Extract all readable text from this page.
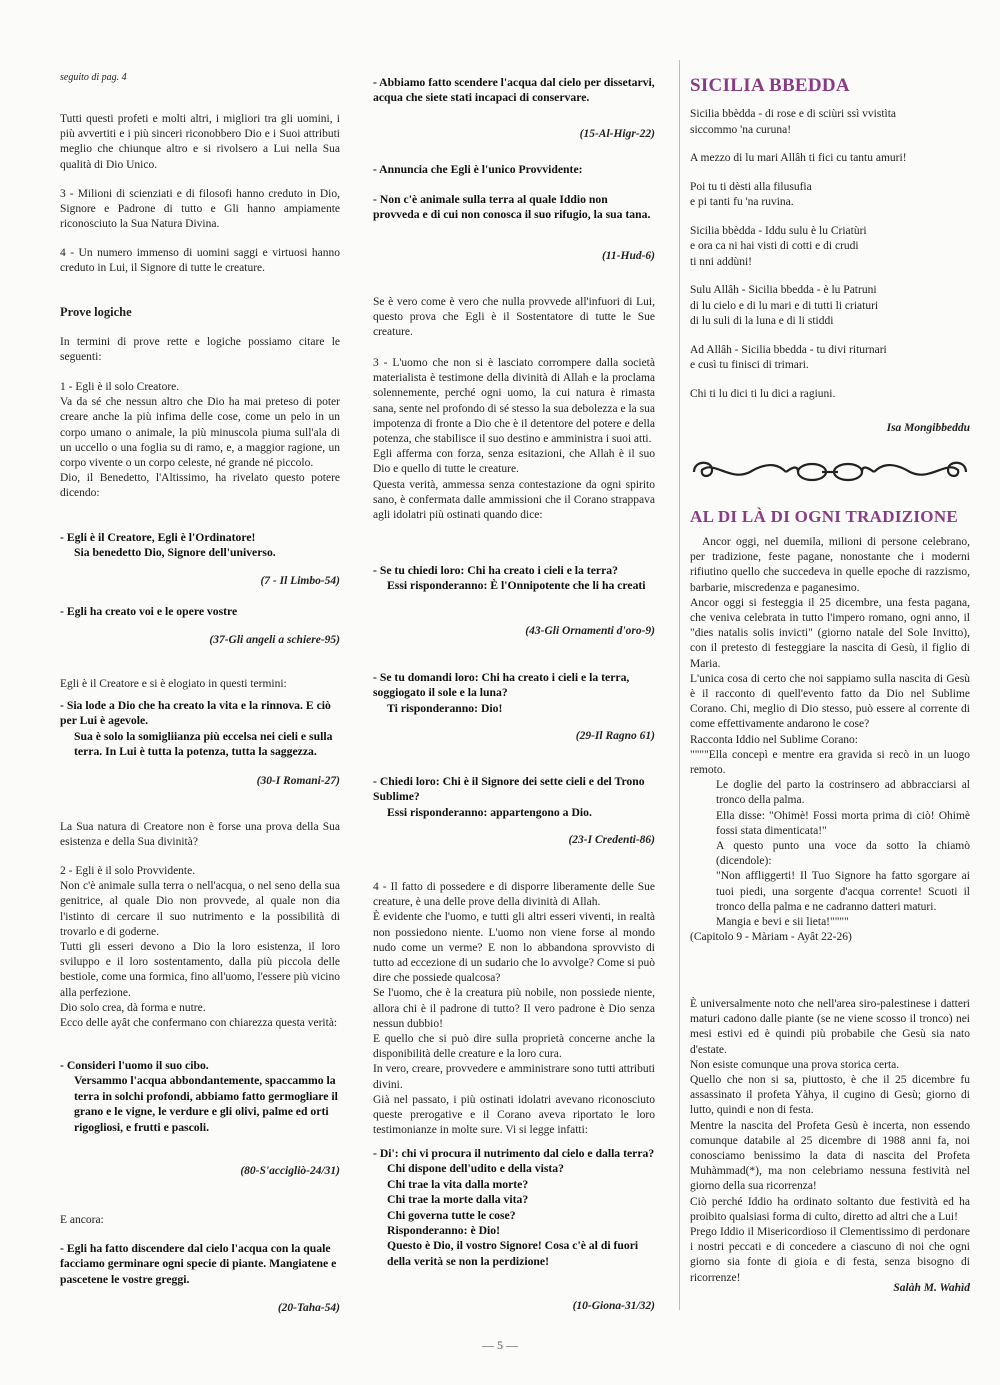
seguito di pag. 4

Tutti questi profeti e molti altri, i migliori tra gli uomini, i più avvertiti e i più sinceri riconobbero Dio e i Suoi attributi meglio che chiunque altro e si rivolsero a Lui nella Sua qualità di Dio Unico.

3 - Milioni di scienziati e di filosofi hanno creduto in Dio, Signore e Padrone di tutto e Gli hanno ampiamente riconosciuto la Sua Natura Divina.

4 - Un numero immenso di uomini saggi e virtuosi hanno creduto in Lui, il Signore di tutte le creature.

Prove logiche

In termini di prove rette e logiche possiamo citare le seguenti:

1 - Egli è il solo Creatore.
Va da sé che nessun altro che Dio ha mai preteso di poter creare anche la più infima delle cose, come un pelo in un corpo umano o animale, la più minuscola piuma sull'ala di un uccello o una foglia su di ramo, e, a maggior ragione, un corpo vivente o un corpo celeste, né grande né piccolo.
Dio, il Benedetto, l'Altissimo, ha rivelato questo potere dicendo:

- Egli è il Creatore, Egli è l'Ordinatore!
Sia benedetto Dio, Signore dell'universo.
(7 - Il Limbo-54)
- Egli ha creato voi e le opere vostre
(37-Gli angeli a schiere-95)

Egli è il Creatore e si è elogiato in questi termini:

- Sia lode a Dio che ha creato la vita e la rinnova. E ciò per Lui è agevole.
Sua è solo la somigliianza più eccelsa nei cieli e sulla terra. In Lui è tutta la potenza, tutta la saggezza.
(30-I Romani-27)

La Sua natura di Creatore non è forse una prova della Sua esistenza e della Sua divinità?

2 - Egli è il solo Provvidente.
Non c'è animale sulla terra o nell'acqua, o nel seno della sua genitrice, al quale Dio non provvede, al quale non dia l'istinto di cercare il suo nutrimento e la possibilità di trovarlo e di goderne.
Tutti gli esseri devono a Dio la loro esistenza, il loro sviluppo e il loro sostentamento, dalla più piccola delle bestiole, come una formica, fino all'uomo, l'essere più vicino alla perfezione.
Dio solo crea, dà forma e nutre.
Ecco delle ayât che confermano con chiarezza questa verità:

- Consideri l'uomo il suo cibo.
Versammo l'acqua abbondantemente, spaccammo la terra in solchi profondi, abbiamo fatto germogliare il grano e le vigne, le verdure e gli olivi, palme ed orti rigogliosi, e frutti e pascoli.
(80-S'accigliò-24/31)

E ancora:

- Egli ha fatto discendere dal cielo l'acqua con la quale facciamo germinare ogni specie di piante. Mangiatene e pascetene le vostre greggi.
(20-Taha-54)
- Abbiamo fatto scendere l'acqua dal cielo per dissetarvi, acqua che siete stati incapaci di conservare.
(15-Al-Higr-22)
- Annuncia che Egli è l'unico Provvidente:
- Non c'è animale sulla terra al quale Iddio non provveda e di cui non conosca il suo rifugio, la sua tana.
(11-Hud-6)

Se è vero come è vero che nulla provvede all'infuori di Lui, questo prova che Egli è il Sostentatore di tutte le Sue creature.

3 - L'uomo che non si è lasciato corrompere dalla società materialista è testimone della divinità di Allah e la proclama solennemente, perché ogni uomo, la cui natura è rimasta sana, sente nel profondo di sé stesso la sua debolezza e la sua impotenza di fronte a Dio che è il detentore del potere e della potenza, che stabilisce il suo destino e amministra i suoi atti.
Egli afferma con forza, senza esitazioni, che Allah è il suo Dio e quello di tutte le creature.
Questa verità, ammessa senza contestazione da ogni spirito sano, è confermata dalle ammissioni che il Corano strappava agli idolatri più ostinati quando dice:

- Se tu chiedi loro: Chi ha creato i cieli e la terra?
Essi risponderanno: È l'Onnipotente che li ha creati
(43-Gli Ornamenti d'oro-9)
- Se tu domandi loro: Chi ha creato i cieli e la terra, soggiogato il sole e la luna?
Ti risponderanno: Dio!
(29-Il Ragno 61)
- Chiedi loro: Chi è il Signore dei sette cieli e del Trono Sublime?
Essi risponderanno: appartengono a Dio.
(23-I Credenti-86)

4 - Il fatto di possedere e di disporre liberamente delle Sue creature, è una delle prove della divinità di Allah.
È evidente che l'uomo, e tutti gli altri esseri viventi, in realtà non possiedono niente. L'uomo non viene forse al mondo nudo come un verme? E non lo abbandona sprovvisto di tutto ad eccezione di un sudario che lo avvolge? Come si può dire che possiede qualcosa?
Se l'uomo, che è la creatura più nobile, non possiede niente, allora chi è il padrone di tutto? Il vero padrone è Dio senza nessun dubbio!
E quello che si può dire sulla proprietà concerne anche la disponibilità delle creature e la loro cura.
In vero, creare, provvedere e amministrare sono tutti attributi divini.
Già nel passato, i più ostinati idolatri avevano riconosciuto queste prerogative e il Corano aveva riportato le loro testimonianze in molte sure. Vi si legge infatti:

- Di': chi vi procura il nutrimento dal cielo e dalla terra?
Chi dispone dell'udito e della vista?
Chi trae la vita dalla morte?
Chi trae la morte dalla vita?
Chi governa tutte le cose?
Risponderanno: è Dio!
Questo è Dio, il vostro Signore! Cosa c'è al di fuori della verità se non la perdizione!
(10-Giona-31/32)
SICILIA BBEDDA
Sicilia bbèdda - di rose e di sciùri ssì vvistìta
siccommo 'na curuna!
A mezzo di lu mari Allâh ti fici cu tantu amuri!
Poi tu ti dèsti alla filusufia
e pi tanti fu 'na ruvina.
Sicilia bbèdda - Iddu sulu è lu Criatùri
e ora ca ni hai visti di cotti e di crudi
ti nni addùni!
Sulu Allâh - Sicilia bbedda - è lu Patruni
di lu cielo e di lu mari e di tutti li criaturi
di lu suli di la luna e di li stiddi
Ad Allâh - Sicilia bbedda - tu divi riturnari
e cusì tu finisci di trimari.
Chi ti lu dici ti lu dici a ragiuni.
Isa Mongibbeddu
AL DI LÀ DI OGNI TRADIZIONE
Ancor oggi, nel duemila, milioni di persone celebrano, per tradizione, feste pagane, nonostante che i moderni rifiutino quello che succedeva in quelle epoche di razzismo, barbarie, miscredenza e paganesimo.
Ancor oggi si festeggia il 25 dicembre, una festa pagana, che veniva celebrata in tutto l'impero romano, ogni anno, il "dies natalis solis invicti" (giorno natale del Sole Invitto), con il pretesto di festeggiare la nascita di Gesù, il figlio di Maria.
L'unica cosa di certo che noi sappiamo sulla nascita di Gesù è il racconto di quell'evento fatto da Dio nel Sublime Corano. Chi, meglio di Dio stesso, può essere al corrente di come effettivamente andarono le cose?
Racconta Iddio nel Sublime Corano:
""""Ella concepì e mentre era gravida si recò in un luogo remoto.
Le doglie del parto la costrinsero ad abbracciarsi al tronco della palma.
Ella disse: "Ohimè! Fossi morta prima di ciò! Ohimè fossi stata dimenticata!"
A questo punto una voce da sotto la chiamò (dicendole):
"Non affliggerti! Il Tuo Signore ha fatto sgorgare ai tuoi piedi, una sorgente d'acqua corrente! Scuoti il tronco della palma e ne cadranno datteri maturi.
Mangia e bevi e sii lieta!""""
(Capitolo 9 - Màriam - Ayât 22-26)
È universalmente noto che nell'area siro-palestinese i datteri maturi cadono dalle piante (se ne viene scosso il tronco) nei mesi estivi ed è quindi più probabile che Gesù sia nato d'estate.
Non esiste comunque una prova storica certa.
Quello che non si sa, piuttosto, è che il 25 dicembre fu assassinato il profeta Yàhya, il cugino di Gesù; giorno di lutto, quindi e non di festa.
Mentre la nascita del Profeta Gesù è incerta, non essendo comunque databile al 25 dicembre di 1988 anni fa, noi conosciamo benissimo la data di nascita del Profeta Muhàmmad(*), ma non celebriamo nessuna festività nel giorno della sua ricorrenza!
Ciò perché Iddio ha ordinato soltanto due festività ed ha proibito qualsiasi forma di culto, diretto ad altri che a Lui!
Prego Iddio il Misericordioso il Clementissimo di perdonare i nostri peccati e di concedere a ciascuno di noi che ogni giorno sia fonte di gioia e di festa, senza bisogno di ricorrenze!
Salàh M. Wahìd
— 5 —
